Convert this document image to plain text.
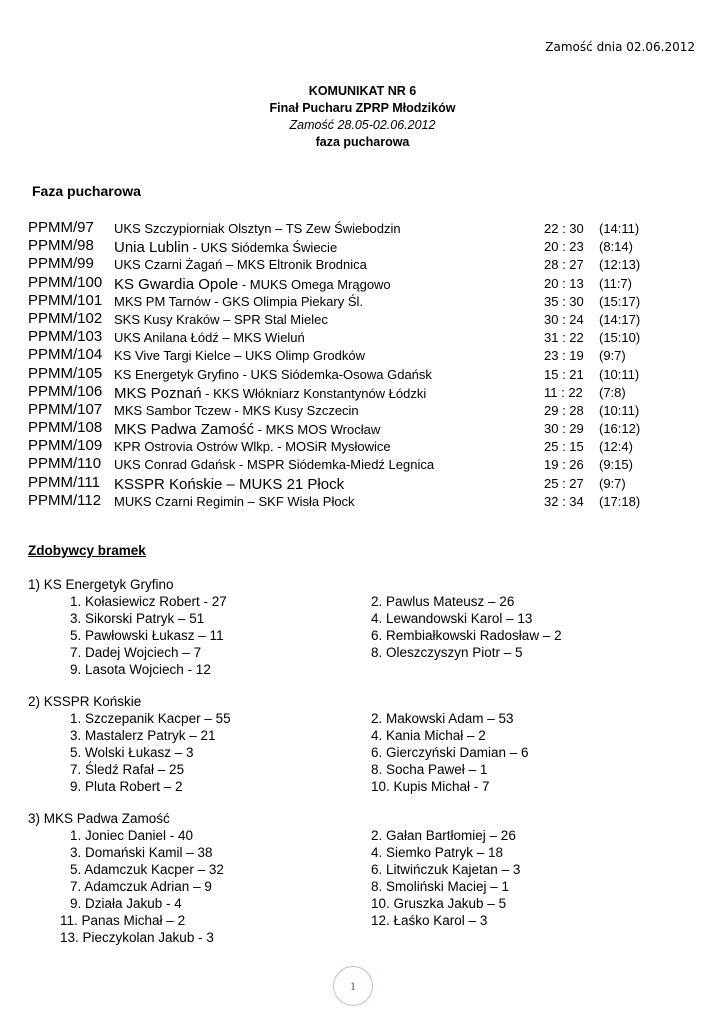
Zamość dnia 02.06.2012
KOMUNIKAT NR 6
Finał Pucharu ZPRP Młodzików
Zamość 28.05-02.06.2012
faza pucharowa
Faza pucharowa
PPMM/97 UKS Szczypiorniak Olsztyn – TS Zew Świebodzin	22 : 30 (14:11)
PPMM/98 Unia Lublin - UKS Siódemka Świecie	20 : 23 (8:14)
PPMM/99 UKS Czarni Żagań – MKS Eltronik Brodnica	28 : 27 (12:13)
PPMM/100 KS Gwardia Opole - MUKS Omega Mrągowo	20 : 13 (11:7)
PPMM/101 MKS PM Tarnów - GKS Olimpia Piekary Śl.	35 : 30 (15:17)
PPMM/102 SKS Kusy Kraków – SPR Stal Mielec	30 : 24 (14:17)
PPMM/103 UKS Anilana Łódź – MKS Wieluń	31 : 22 (15:10)
PPMM/104 KS Vive Targi Kielce – UKS Olimp Grodków	23 : 19 (9:7)
PPMM/105 KS Energetyk Gryfino - UKS Siódemka-Osowa Gdańsk	15 : 21 (10:11)
PPMM/106 MKS Poznań - KKS Włókniarz Konstantynów Łódzki	11 : 22 (7:8)
PPMM/107 MKS Sambor Tczew - MKS Kusy Szczecin	29 : 28 (10:11)
PPMM/108 MKS Padwa Zamość - MKS MOS Wrocław	30 : 29 (16:12)
PPMM/109 KPR Ostrovia Ostrów Wlkp. - MOSiR Mysłowice	25 : 15 (12:4)
PPMM/110 UKS Conrad Gdańsk - MSPR Siódemka-Miedź Legnica	19 : 26 (9:15)
PPMM/111 KSSPR Końskie – MUKS 21 Płock	25 : 27 (9:7)
PPMM/112 MUKS Czarni Regimin – SKF Wisła Płock	32 : 34 (17:18)
Zdobywcy bramek
1) KS Energetyk Gryfino
1. Kołasiewicz Robert - 27	2. Pawlus Mateusz – 26
3. Sikorski Patryk – 51	4. Lewandowski Karol – 13
5. Pawłowski Łukasz – 11	6. Rembiałkowski Radosław – 2
7. Dadej Wojciech – 7	8. Oleszczyszyn Piotr – 5
9. Lasota Wojciech - 12
2) KSSPR Końskie
1. Szczepanik Kacper – 55	2. Makowski Adam – 53
3. Mastalerz Patryk – 21	4. Kania Michał – 2
5. Wolski Łukasz – 3	6. Gierczyński Damian – 6
7. Śledź Rafał – 25	8. Socha Paweł – 1
9. Pluta Robert – 2	10. Kupis Michał - 7
3) MKS Padwa Zamość
1. Joniec Daniel - 40	2. Gałan Bartłomiej – 26
3. Domański Kamil – 38	4. Siemko Patryk – 18
5. Adamczuk Kacper – 32	6. Litwińczuk Kajetan – 3
7. Adamczuk Adrian – 9	8. Smoliński Maciej – 1
9. Działa Jakub - 4	10. Gruszka Jakub – 5
11. Panas Michał – 2	12. Łaśko Karol – 3
13. Pieczykolan Jakub - 3
1
